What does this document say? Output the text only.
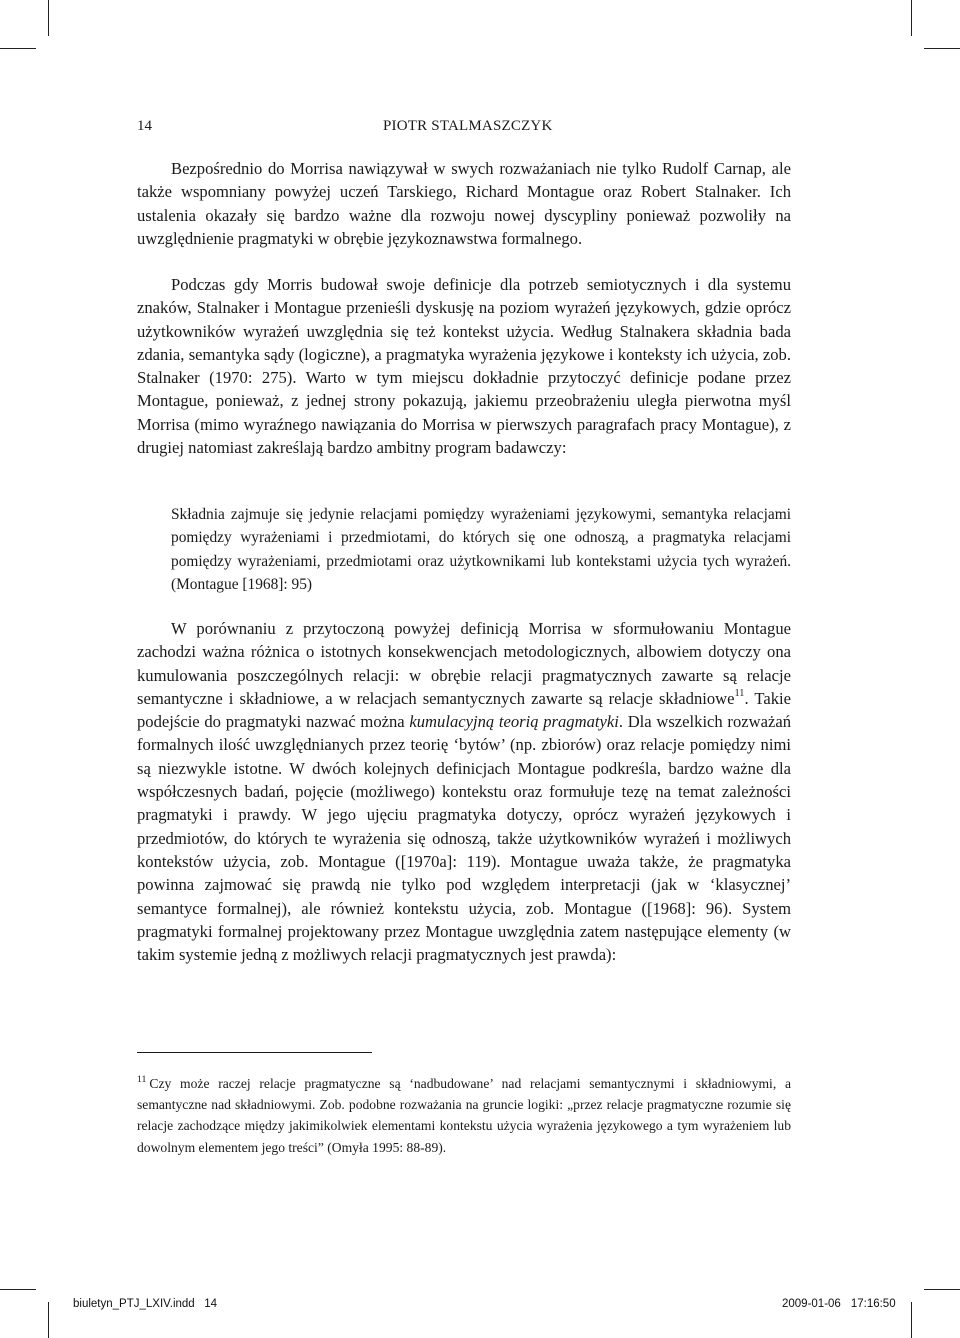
14	PIOTR STALMASZCZYK

Bezpośrednio do Morrisa nawiązywał w swych rozważaniach nie tylko Rudolf Carnap, ale także wspomniany powyżej uczeń Tarskiego, Richard Montague oraz Robert Stalnaker. Ich ustalenia okazały się bardzo ważne dla rozwoju nowej dyscypliny ponieważ pozwoliły na uwzględnienie pragmatyki w obrębie językoznawstwa formalnego.

Podczas gdy Morris budował swoje definicje dla potrzeb semiotycznych i dla systemu znaków, Stalnaker i Montague przenieśli dyskusję na poziom wyrażeń językowych, gdzie oprócz użytkowników wyrażeń uwzględnia się też kontekst użycia. Według Stalnakera składnia bada zdania, semantyka sądy (logiczne), a pragmatyka wyrażenia językowe i konteksty ich użycia, zob. Stalnaker (1970: 275). Warto w tym miejscu dokładnie przytoczyć definicje podane przez Montague, ponieważ, z jednej strony pokazują, jakiemu przeobrażeniu uległa pierwotna myśl Morrisa (mimo wyraźnego nawiązania do Morrisa w pierwszych paragrafach pracy Montague), z drugiej natomiast zakreślają bardzo ambitny program badawczy:

Składnia zajmuje się jedynie relacjami pomiędzy wyrażeniami językowymi, semantyka relacjami pomiędzy wyrażeniami i przedmiotami, do których się one odnoszą, a pragmatyka relacjami pomiędzy wyrażeniami, przedmiotami oraz użytkownikami lub kontekstami użycia tych wyrażeń. (Montague [1968]: 95)

W porównaniu z przytoczoną powyżej definicją Morrisa w sformułowaniu Montague zachodzi ważna różnica o istotnych konsekwencjach metodologicznych, albowiem dotyczy ona kumulowania poszczególnych relacji: w obrębie relacji pragmatycznych zawarte są relacje semantyczne i składniowe, a w relacjach semantycznych zawarte są relacje składniowe$^{11}$. Takie podejście do pragmatyki nazwać można kumulacyjną teorią pragmatyki. Dla wszelkich rozważań formalnych ilość uwzględnianych przez teorię ‘bytów’ (np. zbiorów) oraz relacje pomiędzy nimi są niezwykle istotne. W dwóch kolejnych definicjach Montague podkreśla, bardzo ważne dla współczesnych badań, pojęcie (możliwego) kontekstu oraz formułuje tezę na temat zależności pragmatyki i prawdy. W jego ujęciu pragmatyka dotyczy, oprócz wyrażeń językowych i przedmiotów, do których te wyrażenia się odnoszą, także użytkowników wyrażeń i możliwych kontekstów użycia, zob. Montague ([1970a]: 119). Montague uważa także, że pragmatyka powinna zajmować się prawdą nie tylko pod względem interpretacji (jak w ‘klasycznej’ semantyce formalnej), ale również kontekstu użycia, zob. Montague ([1968]: 96). System pragmatyki formalnej projektowany przez Montague uwzględnia zatem następujące elementy (w takim systemie jedną z możliwych relacji pragmatycznych jest prawda):

$^{11}$ Czy może raczej relacje pragmatyczne są ‘nadbudowane’ nad relacjami semantycznymi i składniowymi, a semantyczne nad składniowymi. Zob. podobne rozważania na gruncie logiki: „przez relacje pragmatyczne rozumie się relacje zachodzące między jakimikolwiek elementami kontekstu użycia wyrażenia językowego a tym wyrażeniem lub dowolnym elementem jego treści” (Omyła 1995: 88-89).

biuletyn_PTJ_LXIV.indd   14	2009-01-06 17:16:50
